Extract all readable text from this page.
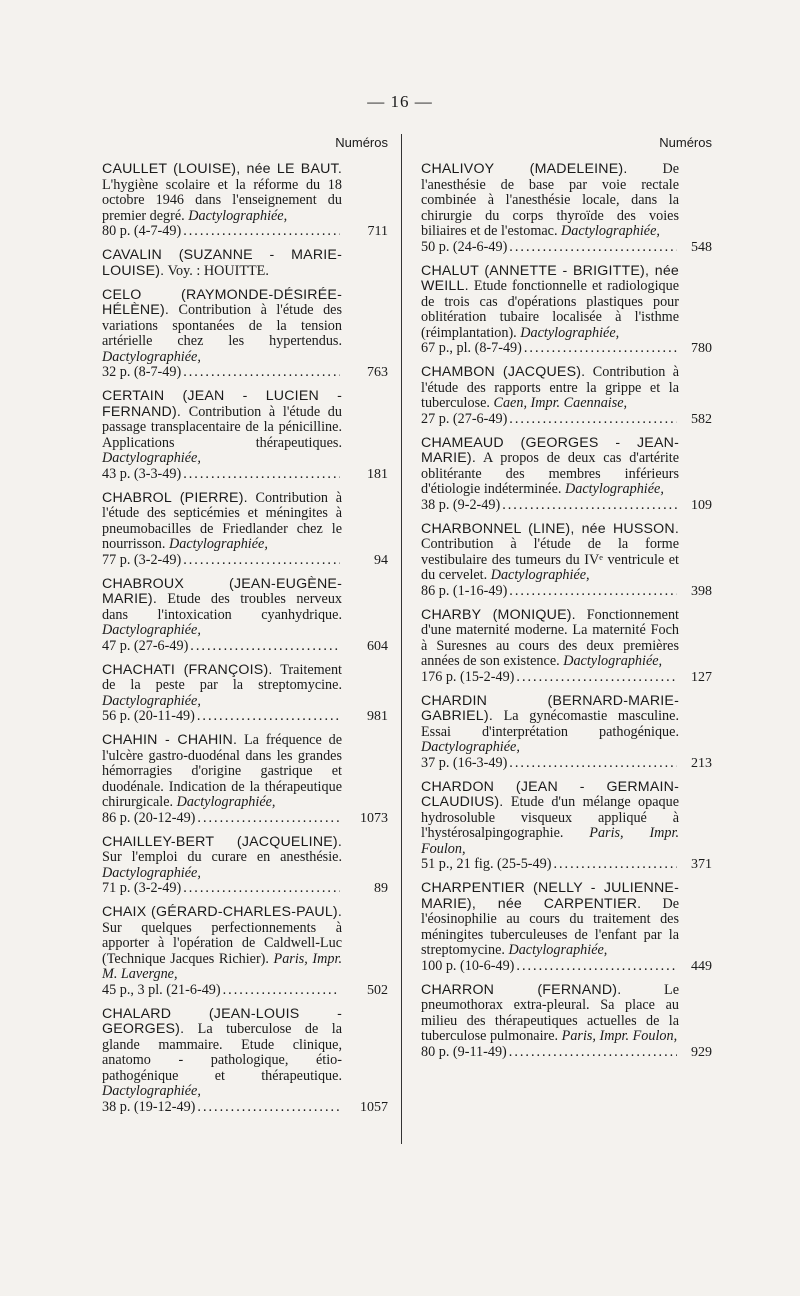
— 16 —
Numéros
CAULLET (LOUISE), née LE BAUT. L'hygiène scolaire et la réforme du 18 octobre 1946 dans l'enseignement du premier degré. Dactylographiée,
80 p. (4-7-49) .....	711
CAVALIN (SUZANNE - MARIE-LOUISE). Voy. : HOUITTE.
CELO (RAYMONDE-DÉSIRÉE-HÉLÈNE). Contribution à l'étude des variations spontanées de la tension artérielle chez les hypertendus. Dactylographiée,
32 p. (8-7-49) .....	763
CERTAIN (JEAN - LUCIEN - FERNAND). Contribution à l'étude du passage transplacentaire de la pénicilline. Applications thérapeutiques. Dactylographiée,
43 p. (3-3-49) .....	181
CHABROL (PIERRE). Contribution à l'étude des septicémies et méningites à pneumobacilles de Friedlander chez le nourrisson. Dactylographiée,
77 p. (3-2-49) .....	94
CHABROUX (JEAN-EUGÈNE-MARIE). Etude des troubles nerveux dans l'intoxication cyanhydrique. Dactylographiée,
47 p. (27-6-49) .....	604
CHACHATI (FRANÇOIS). Traitement de la peste par la streptomycine. Dactylographiée,
56 p. (20-11-49) .....	981
CHAHIN - CHAHIN. La fréquence de l'ulcère gastro-duodénal dans les grandes hémorragies d'origine gastrique et duodénale. Indication de la thérapeutique chirurgicale. Dactylographiée,
86 p. (20-12-49) .....	1073
CHAILLEY-BERT (JACQUELINE). Sur l'emploi du curare en anesthésie. Dactylographiée,
71 p. (3-2-49) .....	89
CHAIX (GÉRARD-CHARLES-PAUL). Sur quelques perfectionnements à apporter à l'opération de Caldwell-Luc (Technique Jacques Richier). Paris, Impr. M. Lavergne,
45 p., 3 pl. (21-6-49) .....	502
CHALARD (JEAN-LOUIS - GEORGES). La tuberculose de la glande mammaire. Etude clinique, anatomo - pathologique, étio-pathogénique et thérapeutique. Dactylographiée,
38 p. (19-12-49) .....	1057
Numéros
CHALIVOY (MADELEINE). De l'anesthésie de base par voie rectale combinée à l'anesthésie locale, dans la chirurgie du corps thyroïde des voies biliaires et de l'estomac. Dactylographiée,
50 p. (24-6-49) .....	548
CHALUT (ANNETTE - BRIGITTE), née WEILL. Etude fonctionnelle et radiologique de trois cas d'opérations plastiques pour oblitération tubaire localisée à l'isthme (réimplantation). Dactylographiée,
67 p., pl. (8-7-49) .....	780
CHAMBON (JACQUES). Contribution à l'étude des rapports entre la grippe et la tuberculose. Caen, Impr. Caennaise,
27 p. (27-6-49) .....	582
CHAMEAUD (GEORGES - JEAN-MARIE). A propos de deux cas d'artérite oblitérante des membres inférieurs d'étiologie indéterminée. Dactylographiée,
38 p. (9-2-49) .....	109
CHARBONNEL (LINE), née HUSSON. Contribution à l'étude de la forme vestibulaire des tumeurs du IVᵉ ventricule et du cervelet. Dactylographiée,
86 p. (1-16-49) .....	398
CHARBY (MONIQUE). Fonctionnement d'une maternité moderne. La maternité Foch à Suresnes au cours des deux premières années de son existence. Dactylographiée,
176 p. (15-2-49) .....	127
CHARDIN (BERNARD-MARIE-GABRIEL). La gynécomastie masculine. Essai d'interprétation pathogénique. Dactylographiée,
37 p. (16-3-49) .....	213
CHARDON (JEAN - GERMAIN-CLAUDIUS). Etude d'un mélange opaque hydrosoluble visqueux appliqué à l'hystérosalpingographie. Paris, Impr. Foulon,
51 p., 21 fig. (25-5-49) .....	371
CHARPENTIER (NELLY - JULIENNE-MARIE), née CARPENTIER. De l'éosinophilie au cours du traitement des méningites tuberculeuses de l'enfant par la streptomycine. Dactylographiée,
100 p. (10-6-49) .....	449
CHARRON (FERNAND).	Le pneumothorax extra-pleural. Sa place au milieu des thérapeutiques actuelles de la tuberculose pulmonaire. Paris, Impr. Foulon,
80 p. (9-11-49) .....	929
